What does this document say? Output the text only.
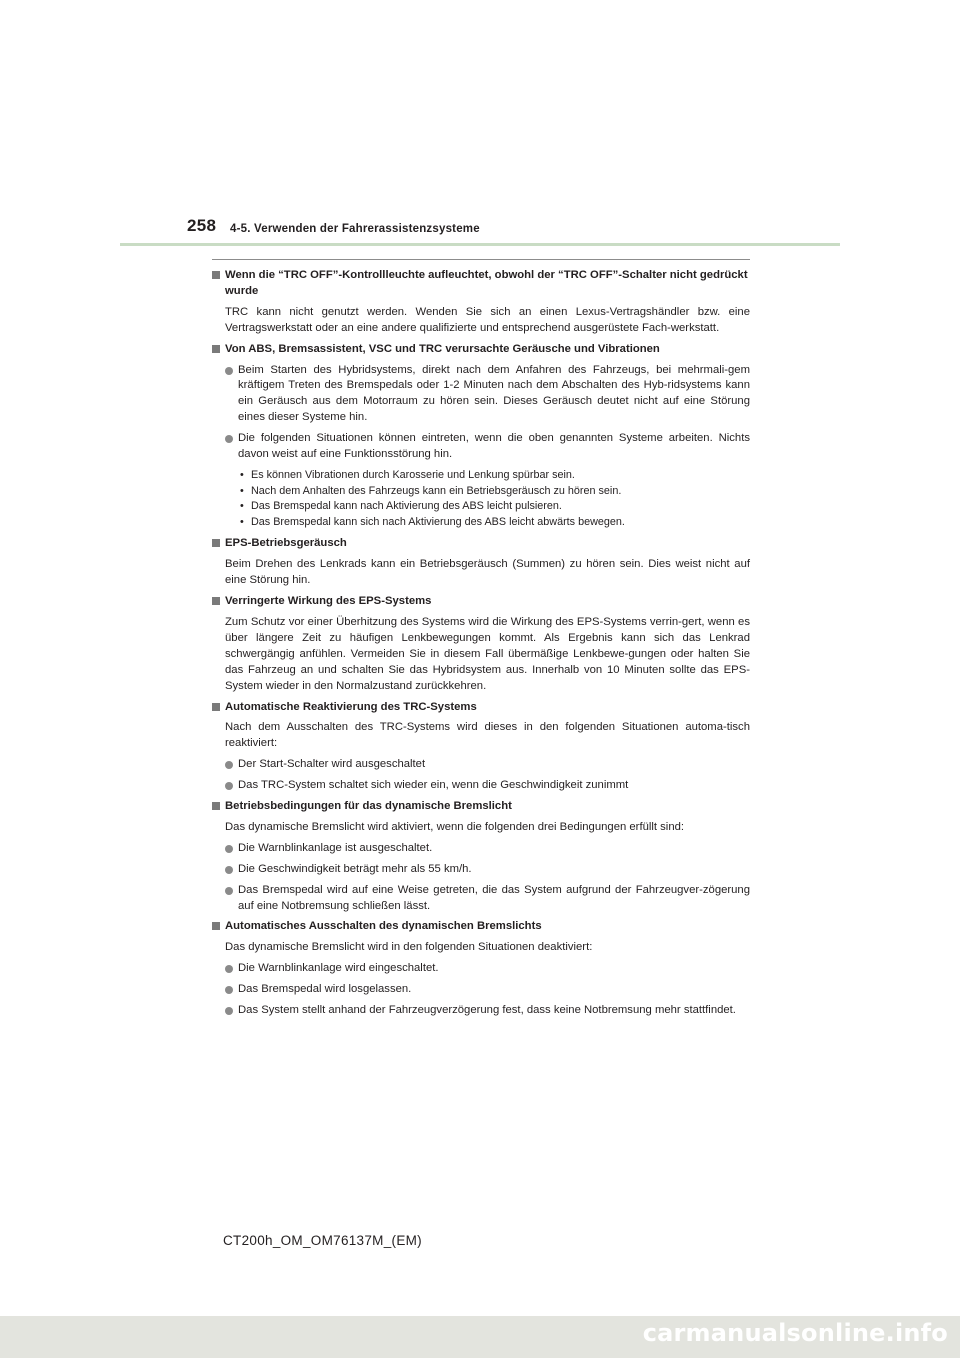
258 4-5. Verwenden der Fahrerassistenzsysteme
Wenn die “TRC OFF”-Kontrollleuchte aufleuchtet, obwohl der “TRC OFF”-Schalter nicht gedrückt wurde
TRC kann nicht genutzt werden. Wenden Sie sich an einen Lexus-Vertragshändler bzw. eine Vertragswerkstatt oder an eine andere qualifizierte und entsprechend ausgerüstete Fach-werkstatt.
Von ABS, Bremsassistent, VSC und TRC verursachte Geräusche und Vibrationen
Beim Starten des Hybridsystems, direkt nach dem Anfahren des Fahrzeugs, bei mehrmali-gem kräftigem Treten des Bremspedals oder 1-2 Minuten nach dem Abschalten des Hyb-ridsystems kann ein Geräusch aus dem Motorraum zu hören sein. Dieses Geräusch deutet nicht auf eine Störung eines dieser Systeme hin.
Die folgenden Situationen können eintreten, wenn die oben genannten Systeme arbeiten. Nichts davon weist auf eine Funktionsstörung hin.
• Es können Vibrationen durch Karosserie und Lenkung spürbar sein.
• Nach dem Anhalten des Fahrzeugs kann ein Betriebsgeräusch zu hören sein.
• Das Bremspedal kann nach Aktivierung des ABS leicht pulsieren.
• Das Bremspedal kann sich nach Aktivierung des ABS leicht abwärts bewegen.
EPS-Betriebsgeräusch
Beim Drehen des Lenkrads kann ein Betriebsgeräusch (Summen) zu hören sein. Dies weist nicht auf eine Störung hin.
Verringerte Wirkung des EPS-Systems
Zum Schutz vor einer Überhitzung des Systems wird die Wirkung des EPS-Systems verrin-gert, wenn es über längere Zeit zu häufigen Lenkbewegungen kommt. Als Ergebnis kann sich das Lenkrad schwergängig anfühlen. Vermeiden Sie in diesem Fall übermäßige Lenkbewe-gungen oder halten Sie das Fahrzeug an und schalten Sie das Hybridsystem aus. Innerhalb von 10 Minuten sollte das EPS-System wieder in den Normalzustand zurückkehren.
Automatische Reaktivierung des TRC-Systems
Nach dem Ausschalten des TRC-Systems wird dieses in den folgenden Situationen automa-tisch reaktiviert:
Der Start-Schalter wird ausgeschaltet
Das TRC-System schaltet sich wieder ein, wenn die Geschwindigkeit zunimmt
Betriebsbedingungen für das dynamische Bremslicht
Das dynamische Bremslicht wird aktiviert, wenn die folgenden drei Bedingungen erfüllt sind:
Die Warnblinkanlage ist ausgeschaltet.
Die Geschwindigkeit beträgt mehr als 55 km/h.
Das Bremspedal wird auf eine Weise getreten, die das System aufgrund der Fahrzeugver-zögerung auf eine Notbremsung schließen lässt.
Automatisches Ausschalten des dynamischen Bremslichts
Das dynamische Bremslicht wird in den folgenden Situationen deaktiviert:
Die Warnblinkanlage wird eingeschaltet.
Das Bremspedal wird losgelassen.
Das System stellt anhand der Fahrzeugverzögerung fest, dass keine Notbremsung mehr stattfindet.
CT200h_OM_OM76137M_(EM)
carmanualsonline.info
